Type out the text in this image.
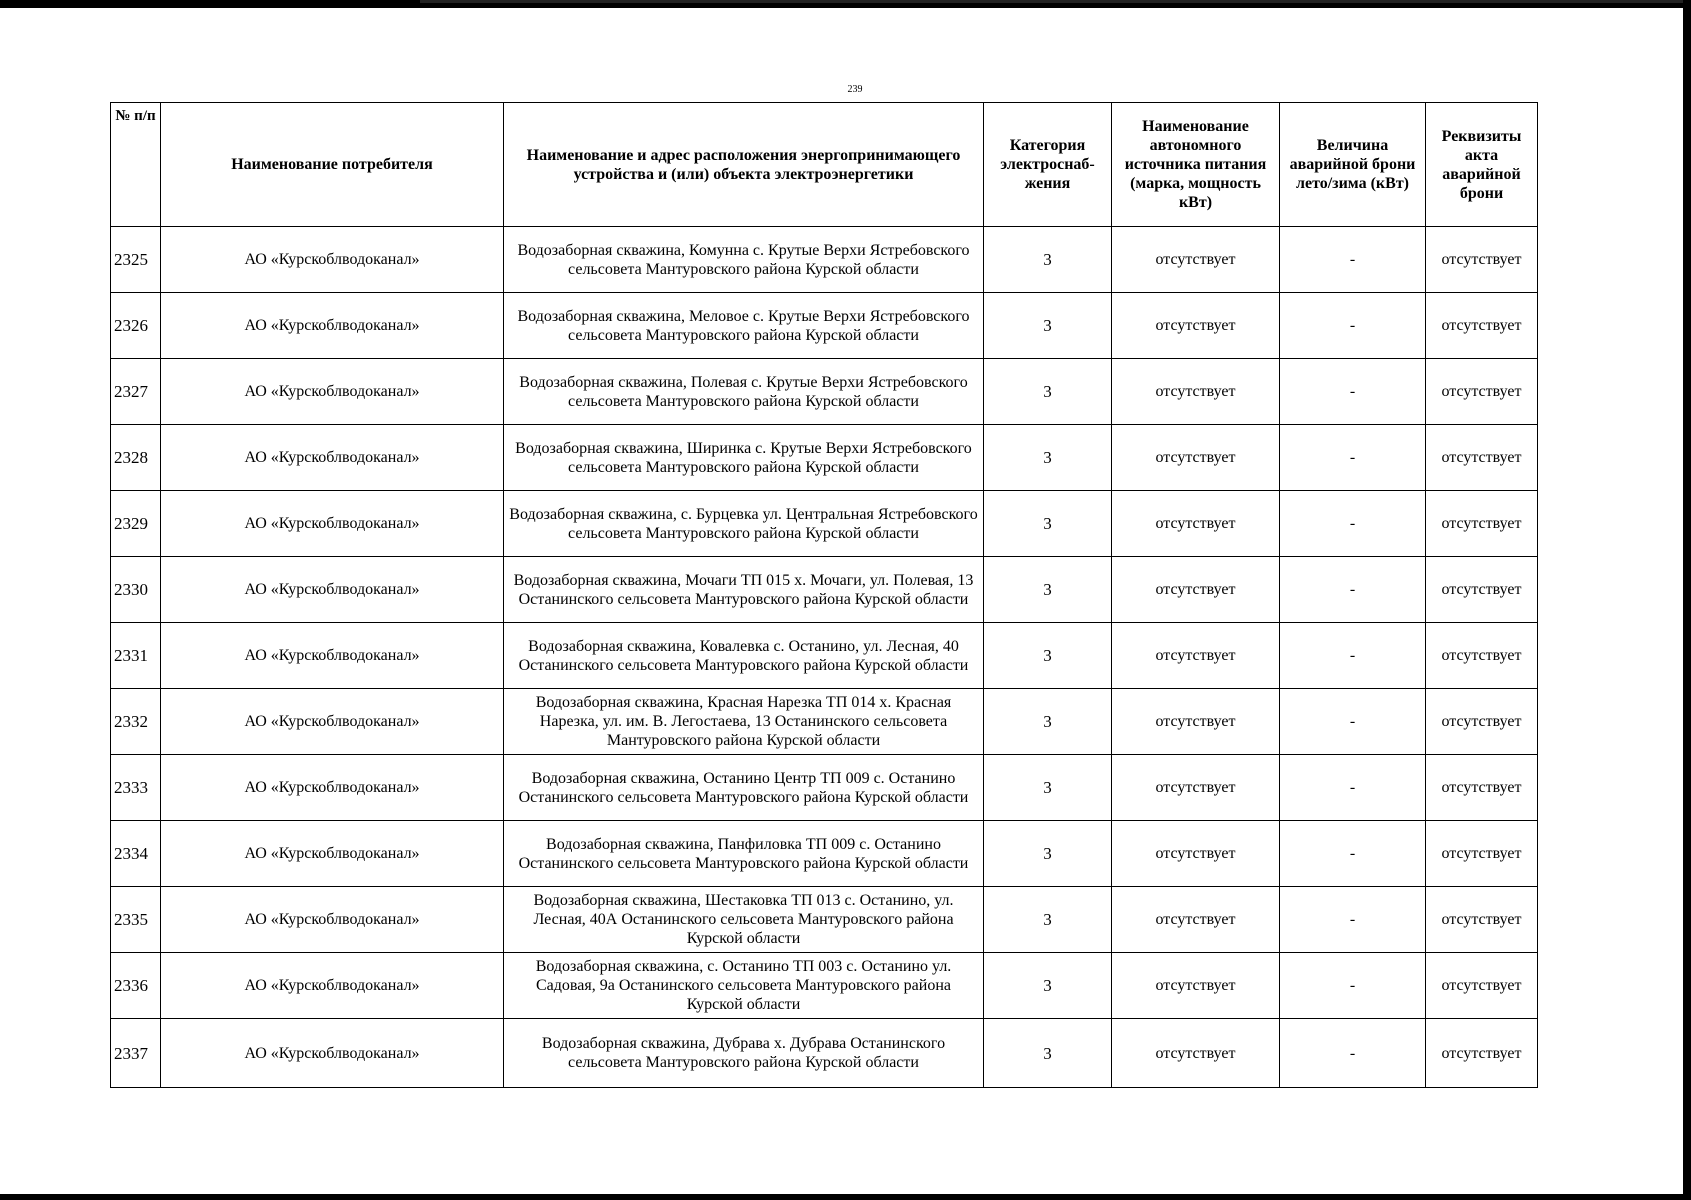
239
№ п/п	Наименование потребителя	Наименование и адрес расположения энергопринимающего устройства и (или) объекта электроэнергетики	Категория электроснаб-жения	Наименование автономного источника питания (марка, мощность кВт)	Величина аварийной брони лето/зима (кВт)	Реквизиты акта аварийной брони
2325	АО «Курскоблводоканал»	Водозаборная скважина, Комунна с. Крутые Верхи Ястребовского сельсовета Мантуровского района Курской области	3	отсутствует	-	отсутствует
2326	АО «Курскоблводоканал»	Водозаборная скважина, Меловое с. Крутые Верхи Ястребовского сельсовета Мантуровского района Курской области	3	отсутствует	-	отсутствует
2327	АО «Курскоблводоканал»	Водозаборная скважина, Полевая с. Крутые Верхи Ястребовского сельсовета Мантуровского района Курской области	3	отсутствует	-	отсутствует
2328	АО «Курскоблводоканал»	Водозаборная скважина, Ширинка с. Крутые Верхи Ястребовского сельсовета Мантуровского района Курской области	3	отсутствует	-	отсутствует
2329	АО «Курскоблводоканал»	Водозаборная скважина, с. Бурцевка ул. Центральная Ястребовского сельсовета Мантуровского района Курской области	3	отсутствует	-	отсутствует
2330	АО «Курскоблводоканал»	Водозаборная скважина, Мочаги ТП 015 х. Мочаги, ул. Полевая, 13 Останинского сельсовета Мантуровского района Курской области	3	отсутствует	-	отсутствует
2331	АО «Курскоблводоканал»	Водозаборная скважина, Ковалевка с. Останино, ул. Лесная, 40 Останинского сельсовета Мантуровского района Курской области	3	отсутствует	-	отсутствует
2332	АО «Курскоблводоканал»	Водозаборная скважина, Красная Нарезка ТП 014 х. Красная Нарезка, ул. им. В. Легостаева, 13 Останинского сельсовета Мантуровского района Курской области	3	отсутствует	-	отсутствует
2333	АО «Курскоблводоканал»	Водозаборная скважина, Останино Центр ТП 009 с. Останино Останинского сельсовета Мантуровского района Курской области	3	отсутствует	-	отсутствует
2334	АО «Курскоблводоканал»	Водозаборная скважина, Панфиловка ТП 009 с. Останино Останинского сельсовета Мантуровского района Курской области	3	отсутствует	-	отсутствует
2335	АО «Курскоблводоканал»	Водозаборная скважина, Шестаковка ТП 013 с. Останино, ул. Лесная, 40А Останинского сельсовета Мантуровского района Курской области	3	отсутствует	-	отсутствует
2336	АО «Курскоблводоканал»	Водозаборная скважина, с. Останино ТП 003 с. Останино ул. Садовая, 9а Останинского сельсовета Мантуровского района Курской области	3	отсутствует	-	отсутствует
2337	АО «Курскоблводоканал»	Водозаборная скважина, Дубрава х. Дубрава Останинского сельсовета Мантуровского района Курской области	3	отсутствует	-	отсутствует
